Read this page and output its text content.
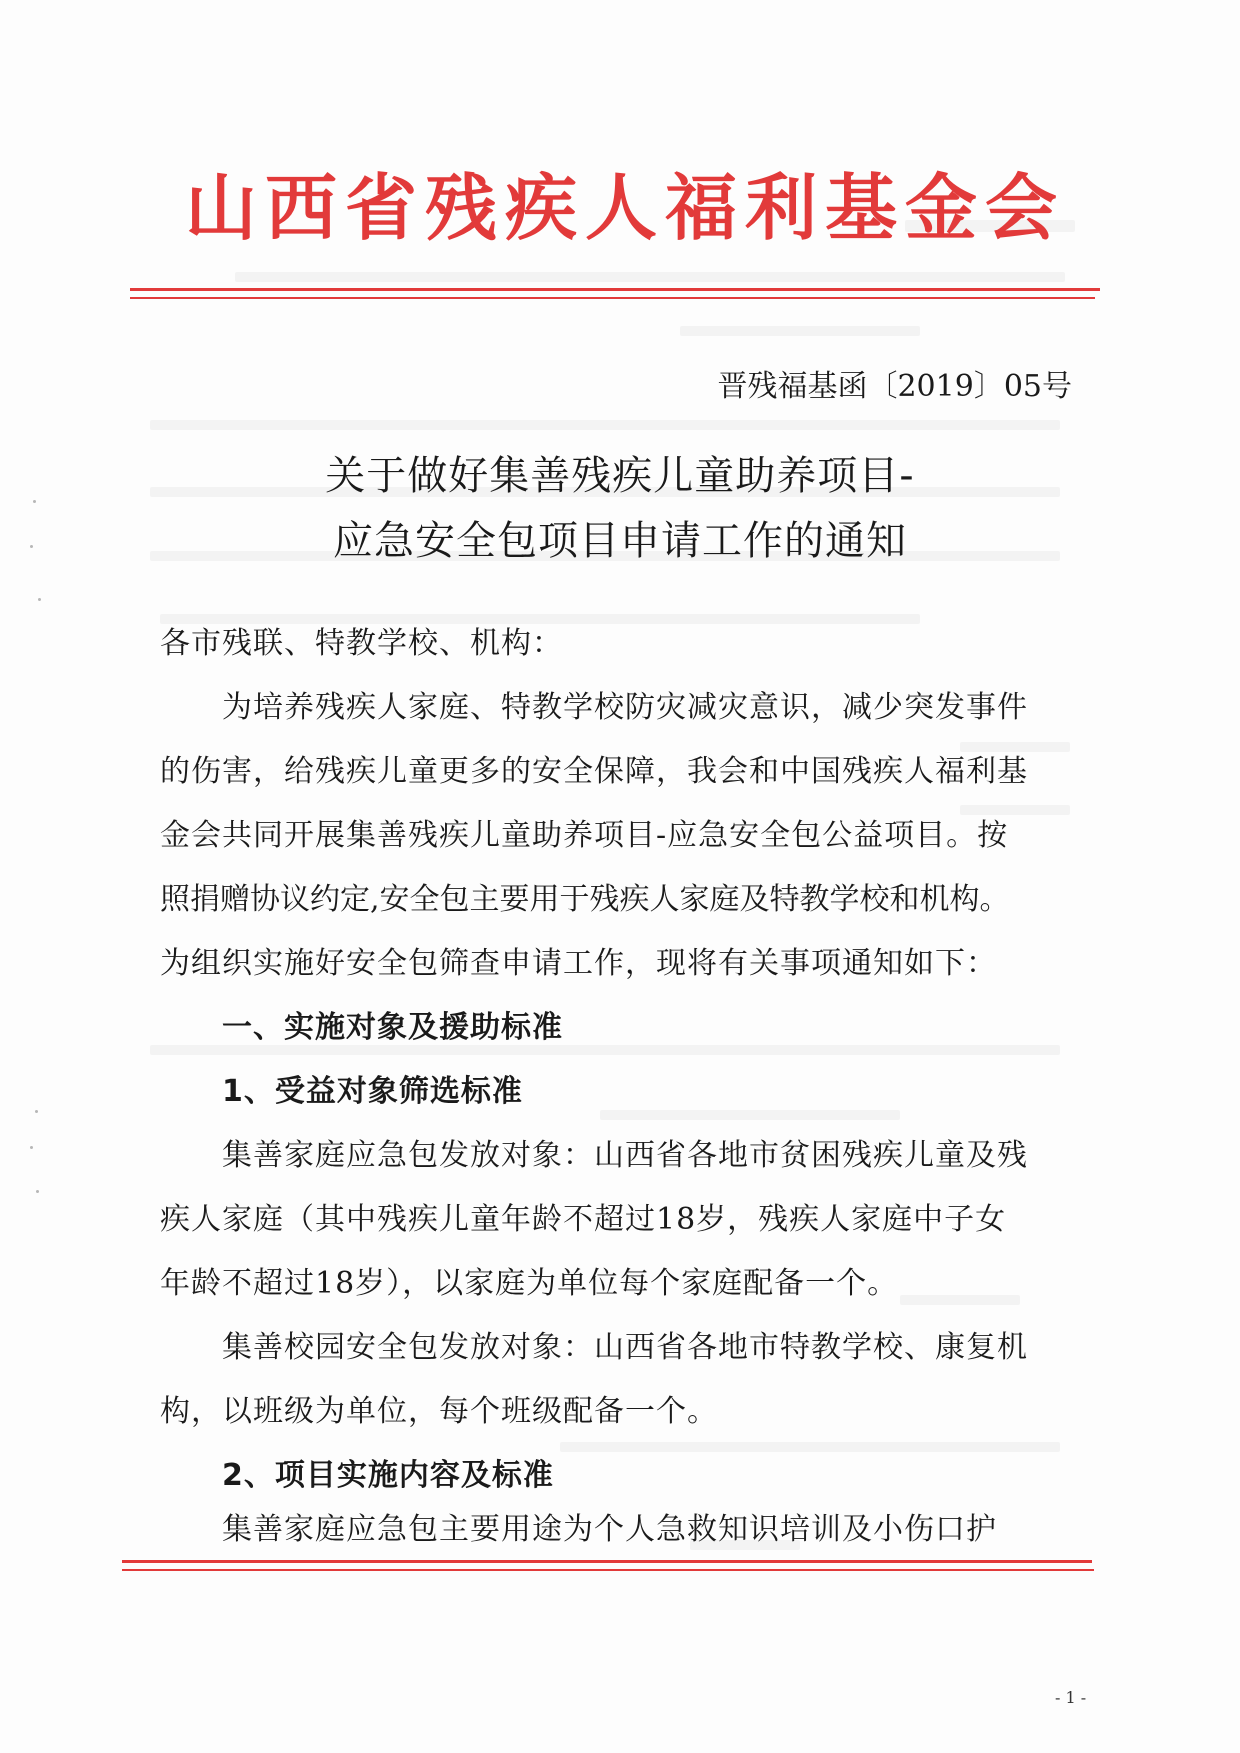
山西省残疾人福利基金会
晋残福基函〔2019〕05号
关于做好集善残疾儿童助养项目-
应急安全包项目申请工作的通知
各市残联、特教学校、机构：
为培养残疾人家庭、特教学校防灾减灾意识，减少突发事件
的伤害，给残疾儿童更多的安全保障，我会和中国残疾人福利基
金会共同开展集善残疾儿童助养项目-应急安全包公益项目。按
照捐赠协议约定,安全包主要用于残疾人家庭及特教学校和机构。
为组织实施好安全包筛查申请工作，现将有关事项通知如下：
一、实施对象及援助标准
1、受益对象筛选标准
集善家庭应急包发放对象：山西省各地市贫困残疾儿童及残
疾人家庭（其中残疾儿童年龄不超过18岁，残疾人家庭中子女
年龄不超过18岁），以家庭为单位每个家庭配备一个。
集善校园安全包发放对象：山西省各地市特教学校、康复机
构，以班级为单位，每个班级配备一个。
2、项目实施内容及标准
集善家庭应急包主要用途为个人急救知识培训及小伤口护
- 1 -
